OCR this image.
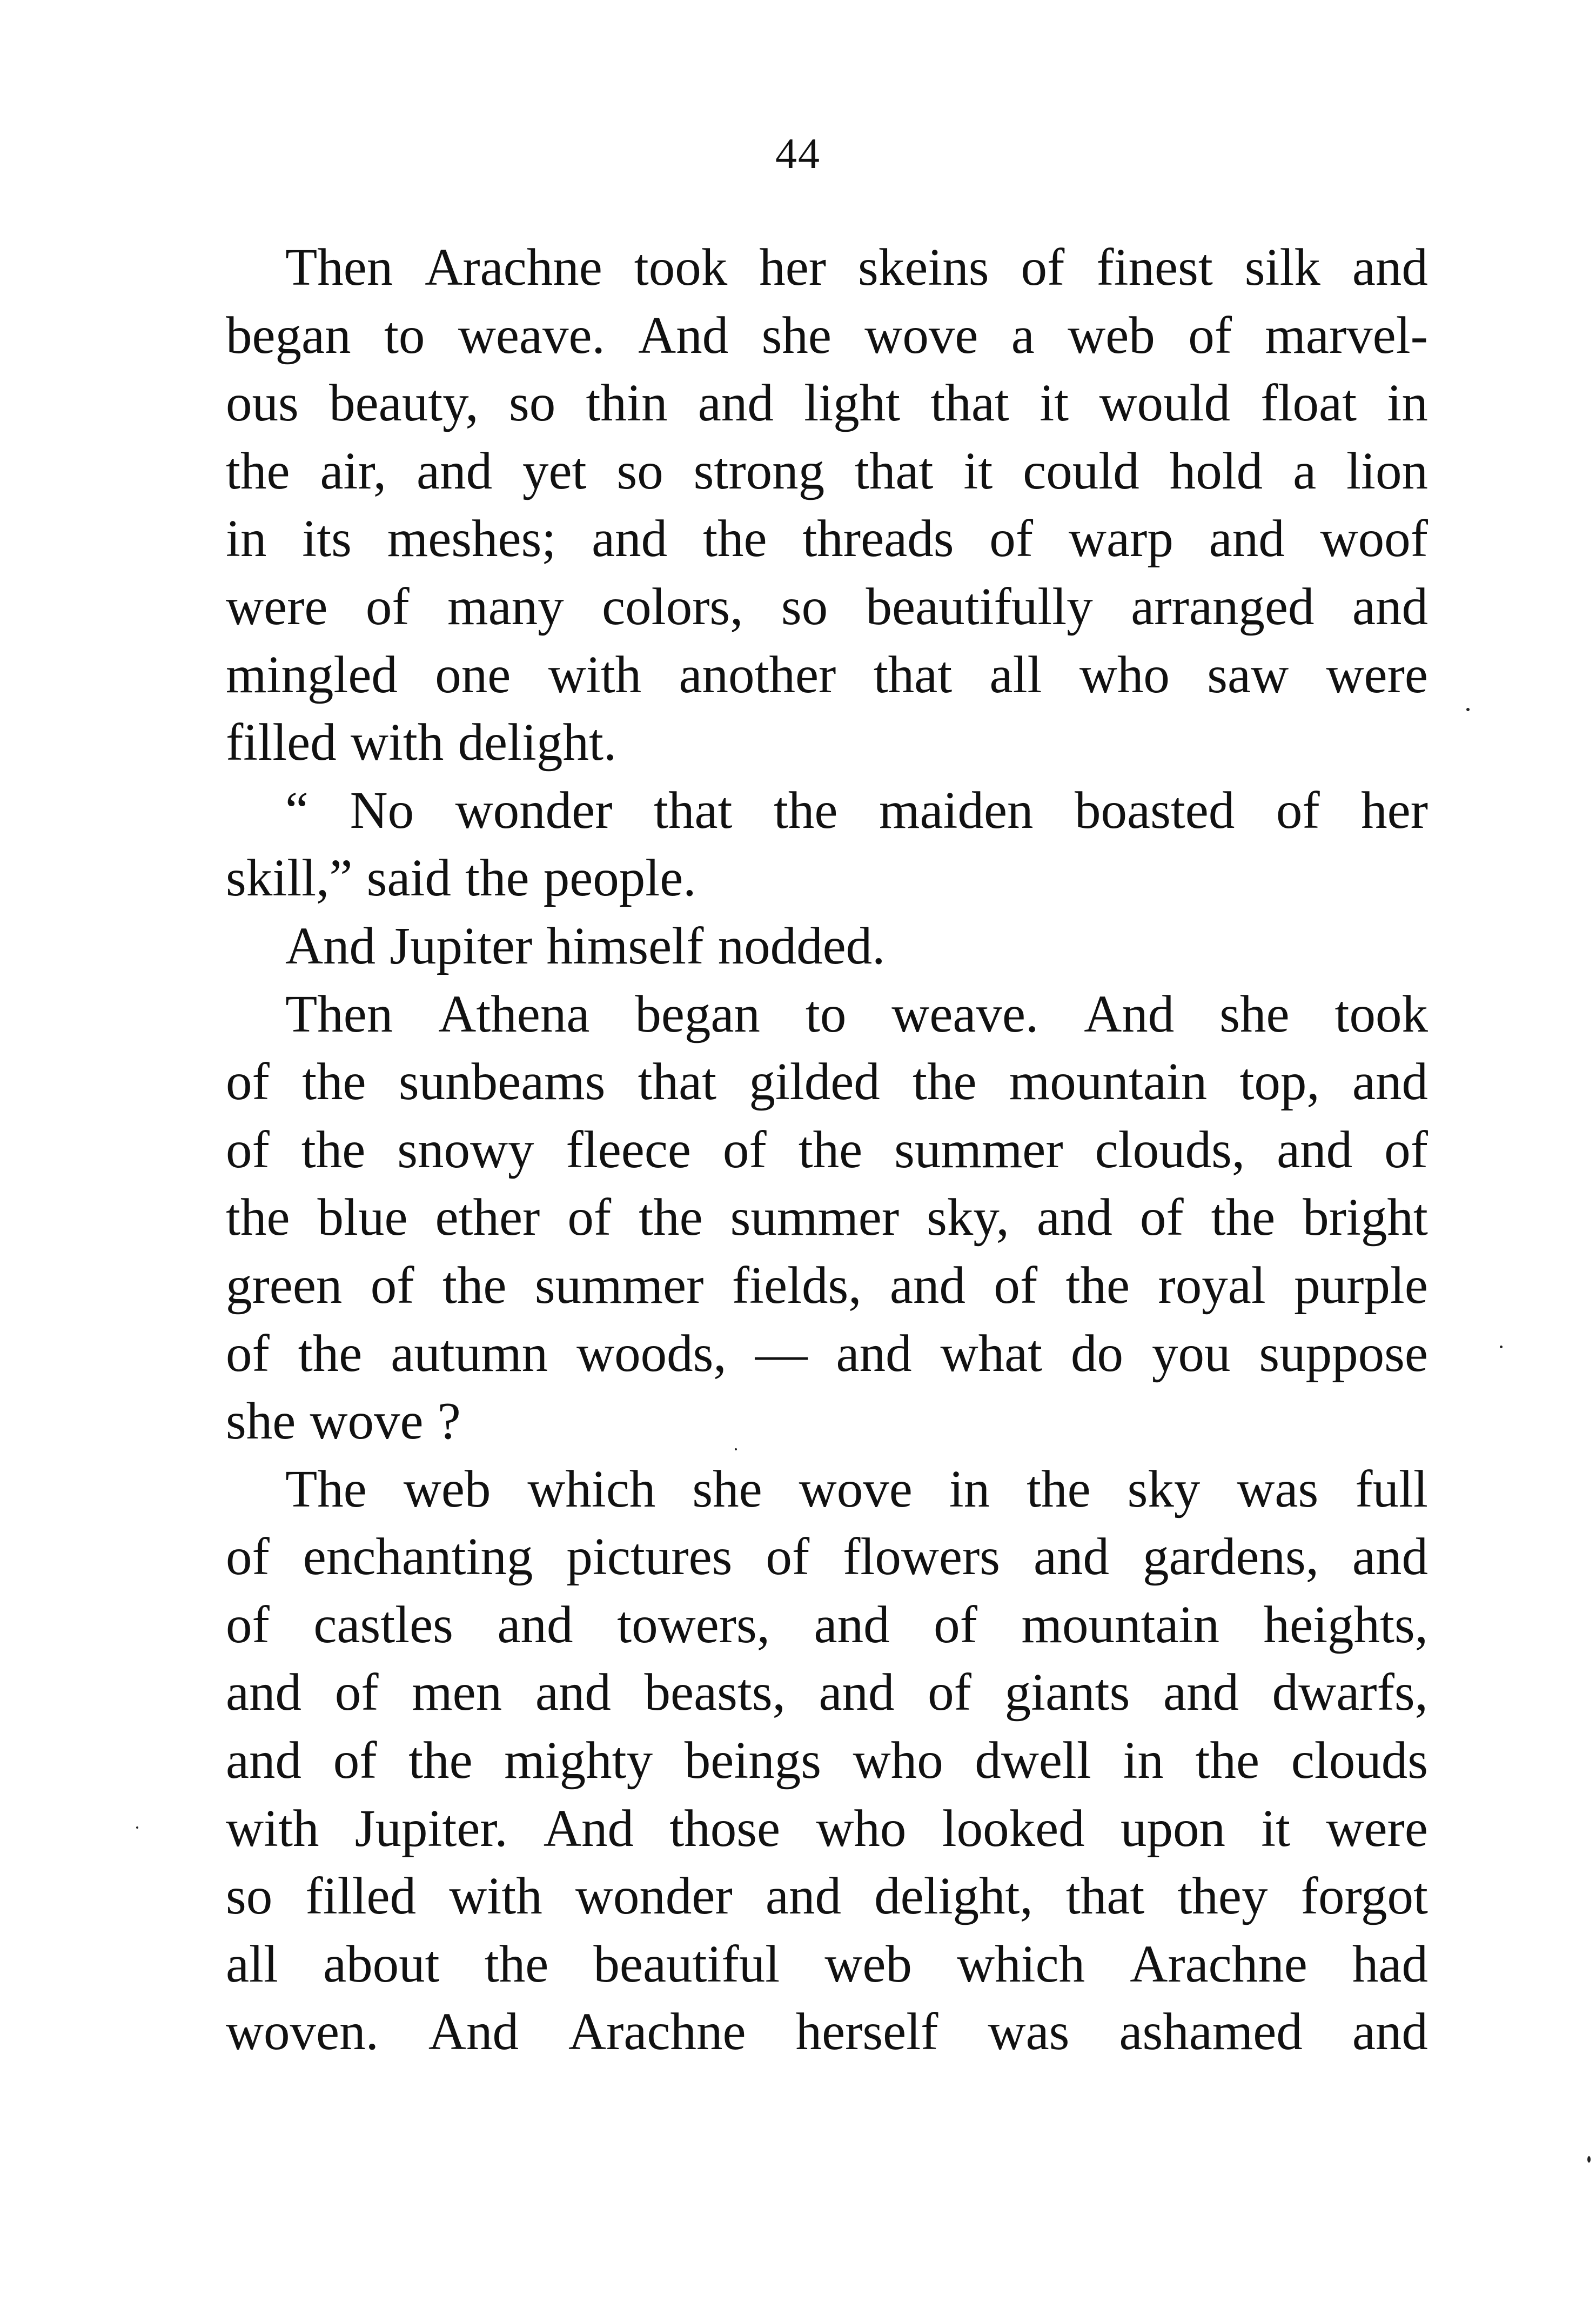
44
Then Arachne took her skeins of finest silk and
began to weave. And she wove a web of marvel-
ous beauty, so thin and light that it would float in
the air, and yet so strong that it could hold a lion
in its meshes; and the threads of warp and woof
were of many colors, so beautifully arranged and
mingled one with another that all who saw were
filled with delight.
“ No wonder that the maiden boasted of her
skill,” said the people.
And Jupiter himself nodded.
Then Athena began to weave. And she took
of the sunbeams that gilded the mountain top, and
of the snowy fleece of the summer clouds, and of
the blue ether of the summer sky, and of the bright
green of the summer fields, and of the royal purple
of the autumn woods, — and what do you suppose
she wove ?
The web which she wove in the sky was full
of enchanting pictures of flowers and gardens, and
of castles and towers, and of mountain heights,
and of men and beasts, and of giants and dwarfs,
and of the mighty beings who dwell in the clouds
with Jupiter. And those who looked upon it were
so filled with wonder and delight, that they forgot
all about the beautiful web which Arachne had
woven. And Arachne herself was ashamed and
